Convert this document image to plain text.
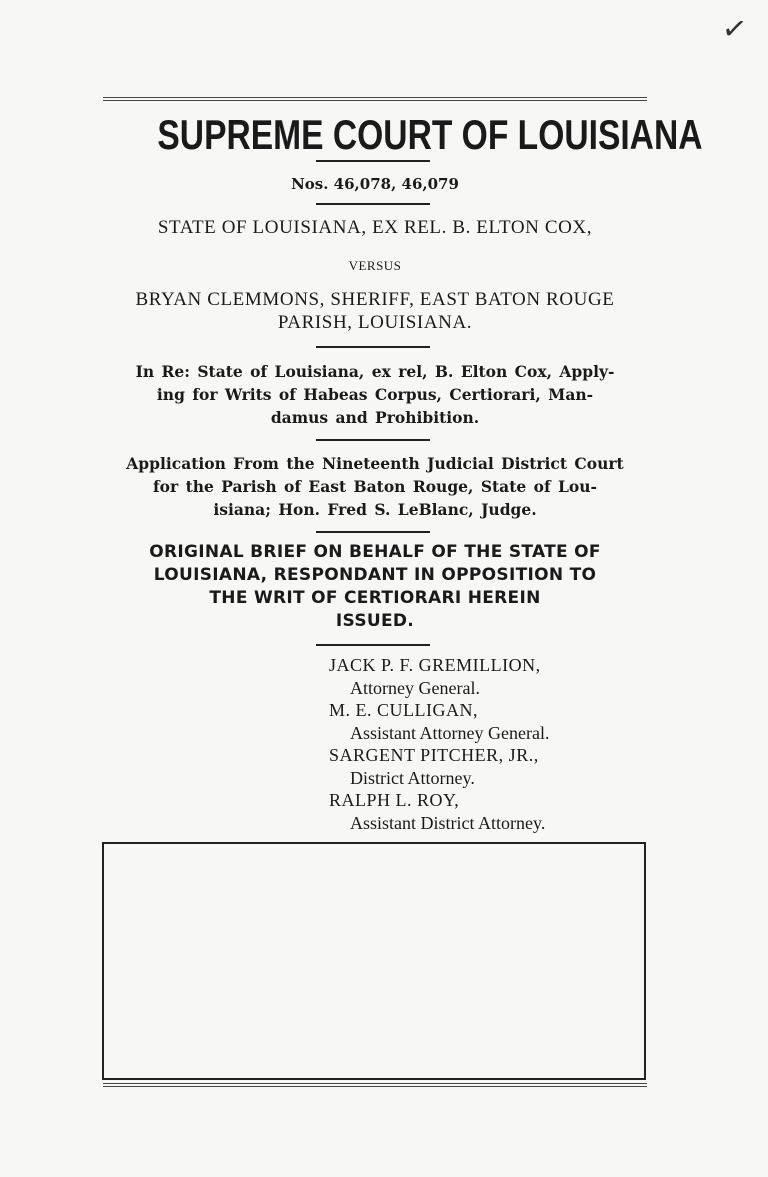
✓
SUPREME COURT OF LOUISIANA
Nos. 46,078, 46,079
STATE OF LOUISIANA, EX REL. B. ELTON COX,
VERSUS
BRYAN CLEMMONS, SHERIFF, EAST BATON ROUGE
PARISH, LOUISIANA.
In Re: State of Louisiana, ex rel, B. Elton Cox, Apply-
ing for Writs of Habeas Corpus, Certiorari, Man-
damus and Prohibition.
Application From the Nineteenth Judicial District Court
for the Parish of East Baton Rouge, State of Lou-
isiana; Hon. Fred S. LeBlanc, Judge.
ORIGINAL BRIEF ON BEHALF OF THE STATE OF
LOUISIANA, RESPONDANT IN OPPOSITION TO
THE WRIT OF CERTIORARI HEREIN
ISSUED.
JACK P. F. GREMILLION,
Attorney General.
M. E. CULLIGAN,
Assistant Attorney General.
SARGENT PITCHER, JR.,
District Attorney.
RALPH L. ROY,
Assistant District Attorney.
